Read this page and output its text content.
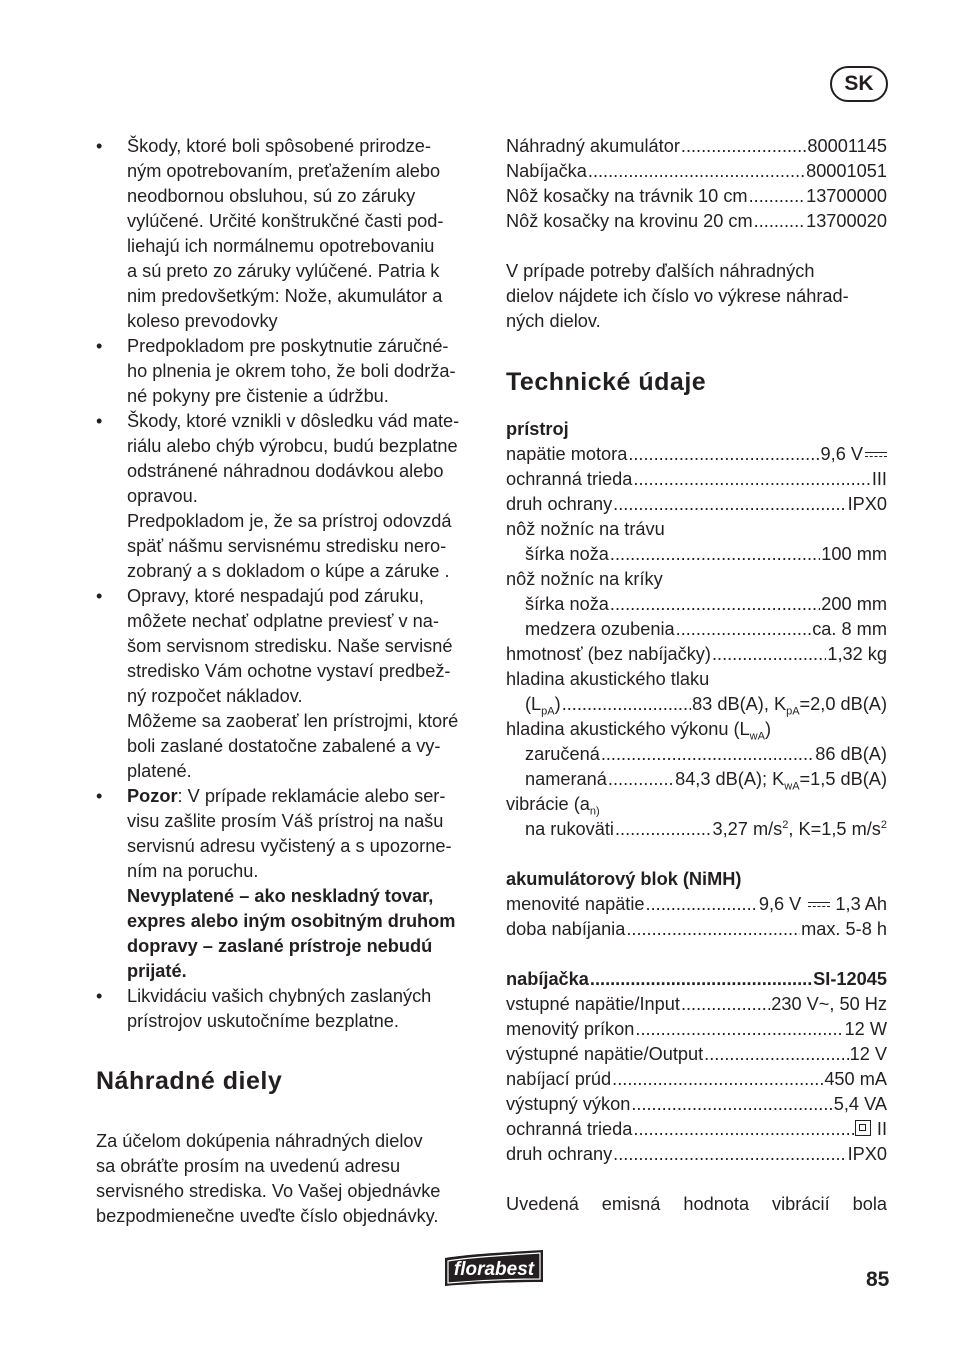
SK
• Škody, ktoré boli spôsobené prirodze-
ným opotrebovaním, preťažením alebo
neodbornou obsluhou, sú zo záruky
vylúčené. Určité konštrukčné časti pod-
liehajú ich normálnemu opotrebovaniu
a sú preto zo záruky vylúčené. Patria k
nim predovšetkým: Nože, akumulátor a
koleso prevodovky
• Predpokladom pre poskytnutie záručné-
ho plnenia je okrem toho, že boli dodrža-
né pokyny pre čistenie a údržbu.
• Škody, ktoré vznikli v dôsledku vád mate-
riálu alebo chýb výrobcu, budú bezplatne
odstránené náhradnou dodávkou alebo
opravou.
Predpokladom je, že sa prístroj odovzdá
späť nášmu servisnému stredisku nero-
zobraný a s dokladom o kúpe a záruke .
• Opravy, ktoré nespadajú pod záruku,
môžete nechať odplatne previesť v na-
šom servisnom stredisku. Naše servisné
stredisko Vám ochotne vystaví predbež-
ný rozpočet nákladov.
Môžeme sa zaoberať len prístrojmi, ktoré
boli zaslané dostatočne zabalené a vy-
platené.
• Pozor: V prípade reklamácie alebo ser-
visu zašlite prosím Váš prístroj na našu
servisnú adresu vyčistený a s upozorne-
ním na poruchu.
Nevyplatené – ako neskladný tovar,
expres alebo iným osobitným druhom
dopravy – zaslané prístroje nebudú
prijaté.
• Likvidáciu vašich chybných zaslaných
prístrojov uskutočníme bezplatne.
Náhradné diely
Za účelom dokúpenia náhradných dielov
sa obráťte prosím na uvedenú adresu
servisného strediska. Vo Vašej objednávke
bezpodmienečne uveďte číslo objednávky.
Náhradný akumulátor .....	80001145
Nabíjačka .....	80001051
Nôž kosačky na trávnik 10 cm .....	13700000
Nôž kosačky na krovinu 20 cm .....	13700020
V prípade potreby ďalších náhradných
dielov nájdete ich číslo vo výkrese náhrad-
ných dielov.
Technické údaje
prístroj
napätie motora .....	9,6 V
ochranná trieda .....	III
druh ochrany .....	IPX0
nôž nožníc na trávu
šírka noža .....	100 mm
nôž nožníc na kríky
šírka noža .....	200 mm
medzera ozubenia .....	ca. 8 mm
hmotnosť (bez nabíjačky) .....	1,32 kg
hladina akustického tlaku
$(L_{pA})$ .....	83 dB(A), $K_{pA}=2,0$ dB(A)
hladina akustického výkonu $(L_{wA})$
zaručená .....	86 dB(A)
nameraná .....	84,3 dB(A); $K_{wA}=1,5$ dB(A)
vibrácie ($a_{n)}$
na rukoväti .....	3,27 $m/s^2$, K=1,5 $m/s^2$
akumulátorový blok (NiMH)
menovité napätie .....	9,6 V  1,3 Ah
doba nabíjania .....	max. 5-8 h
nabíjačka .....	SI-12045
vstupné napätie/Input .....	230 V~, 50 Hz
menovitý príkon .....	12 W
výstupné napätie/Output .....	12 V
nabíjací prúd .....	450 mA
výstupný výkon .....	5,4 VA
ochranná trieda .....	II
druh ochrany .....	IPX0
Uvedená emisná hodnota vibrácií bola
florabest	85
